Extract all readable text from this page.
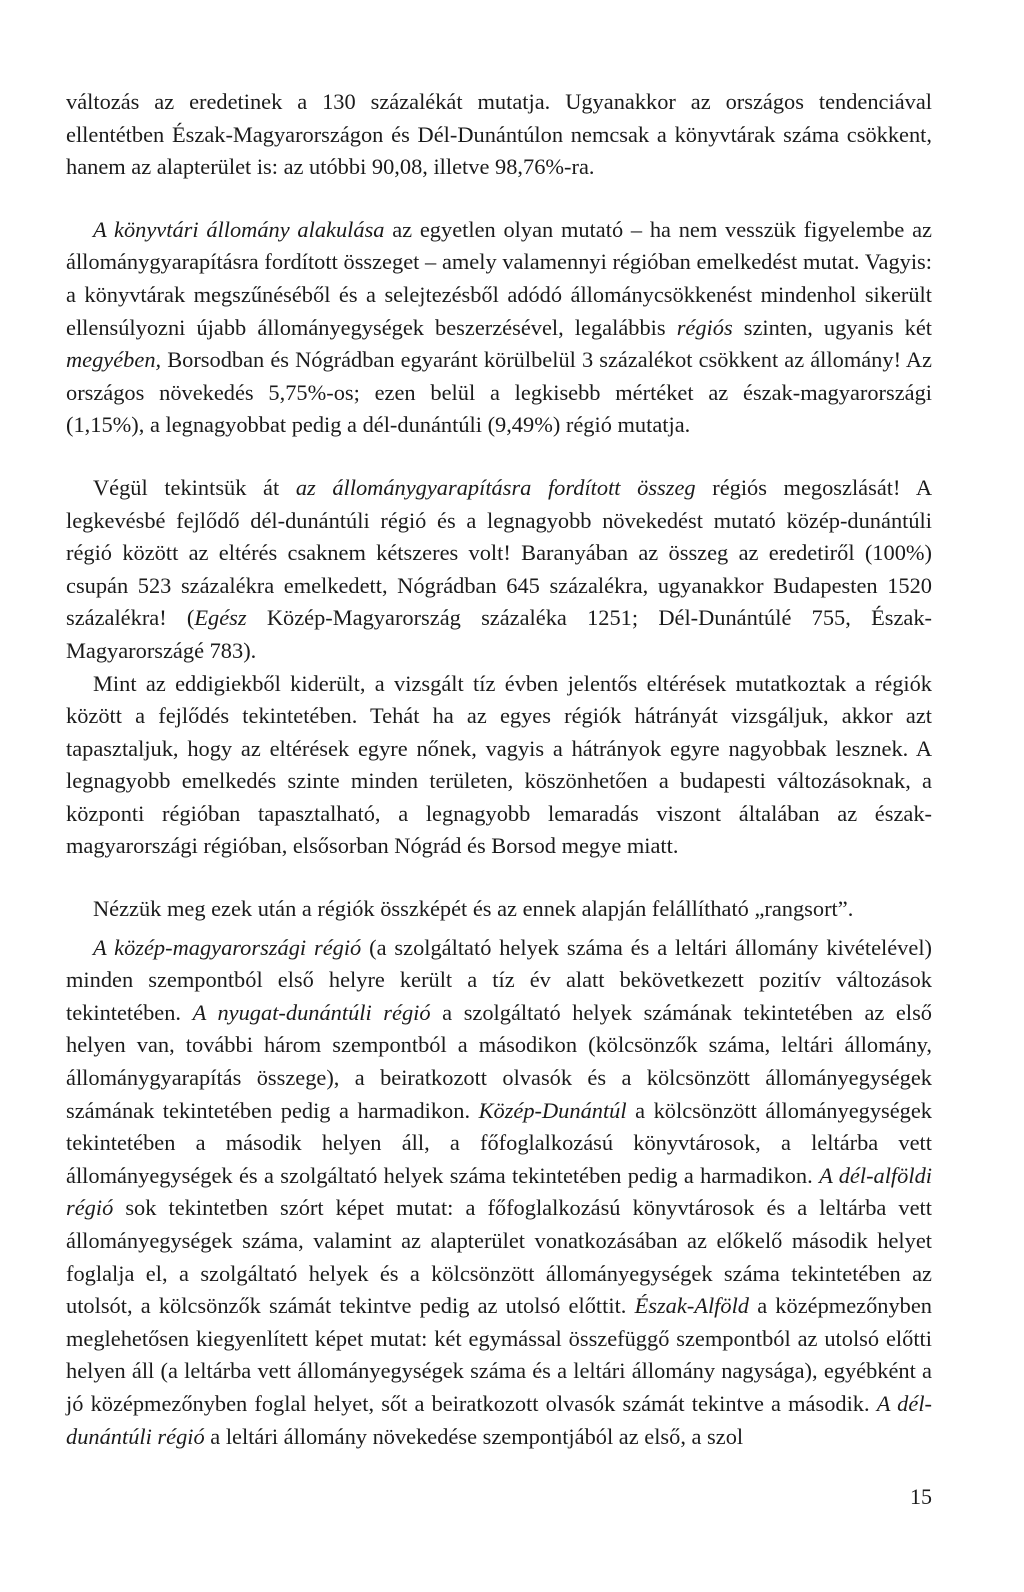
változás az eredetinek a 130 százalékát mutatja. Ugyanakkor az országos tendenciával ellentétben Észak-Magyarországon és Dél-Dunántúlon nemcsak a könyvtárak száma csökkent, hanem az alapterület is: az utóbbi 90,08, illetve 98,76%-ra.

A könyvtári állomány alakulása az egyetlen olyan mutató – ha nem vesszük figyelembe az állománygyarapításra fordított összeget – amely valamennyi régióban emelkedést mutat. Vagyis: a könyvtárak megszűnéséből és a selejtezésből adódó állománycsökkenést mindenhol sikerült ellensúlyozni újabb állományegységek beszerzésével, legalábbis régiós szinten, ugyanis két megyében, Borsodban és Nógrádban egyaránt körülbelül 3 százalékot csökkent az állomány! Az országos növekedés 5,75%-os; ezen belül a legkisebb mértéket az észak-magyarországi (1,15%), a legnagyobbat pedig a dél-dunántúli (9,49%) régió mutatja.

Végül tekintsük át az állománygyarapításra fordított összeg régiós megoszlását! A legkevésbé fejlődő dél-dunántúli régió és a legnagyobb növekedést mutató közép-dunántúli régió között az eltérés csaknem kétszeres volt! Baranyában az összeg az eredetiről (100%) csupán 523 százalékra emelkedett, Nógrádban 645 százalékra, ugyanakkor Budapesten 1520 százalékra! (Egész Közép-Magyarország százaléka 1251; Dél-Dunántúlé 755, Észak-Magyarországé 783).

Mint az eddigiekből kiderült, a vizsgált tíz évben jelentős eltérések mutatkoztak a régiók között a fejlődés tekintetében. Tehát ha az egyes régiók hátrányát vizsgáljuk, akkor azt tapasztaljuk, hogy az eltérések egyre nőnek, vagyis a hátrányok egyre nagyobbak lesznek. A legnagyobb emelkedés szinte minden területen, köszönhetően a budapesti változásoknak, a központi régióban tapasztalható, a legnagyobb lemaradás viszont általában az észak-magyarországi régióban, elsősorban Nógrád és Borsod megye miatt.

Nézzük meg ezek után a régiók összképét és az ennek alapján felállítható „rangsort”.

A közép-magyarországi régió (a szolgáltató helyek száma és a leltári állomány kivételével) minden szempontból első helyre került a tíz év alatt bekövetkezett pozitív változások tekintetében. A nyugat-dunántúli régió a szolgáltató helyek számának tekintetében az első helyen van, további három szempontból a másodikon (kölcsönzők száma, leltári állomány, állománygyarapítás összege), a beiratkozott olvasók és a kölcsönzött állományegységek számának tekintetében pedig a harmadikon. Közép-Dunántúl a kölcsönzött állományegységek tekintetében a második helyen áll, a főfoglalkozású könyvtárosok, a leltárba vett állományegységek és a szolgáltató helyek száma tekintetében pedig a harmadikon. A dél-alföldi régió sok tekintetben szórt képet mutat: a főfoglalkozású könyvtárosok és a leltárba vett állományegységek száma, valamint az alapterület vonatkozásában az előkelő második helyet foglalja el, a szolgáltató helyek és a kölcsönzött állományegységek száma tekintetében az utolsót, a kölcsönzők számát tekintve pedig az utolsó előttit. Észak-Alföld a középmezőnyben meglehetősen kiegyenlített képet mutat: két egymással összefüggő szempontból az utolsó előtti helyen áll (a leltárba vett állományegységek száma és a leltári állomány nagysága), egyébként a jó középmezőnyben foglal helyet, sőt a beiratkozott olvasók számát tekintve a második. A dél-dunántúli régió a leltári állomány növekedése szempontjából az első, a szol

15
